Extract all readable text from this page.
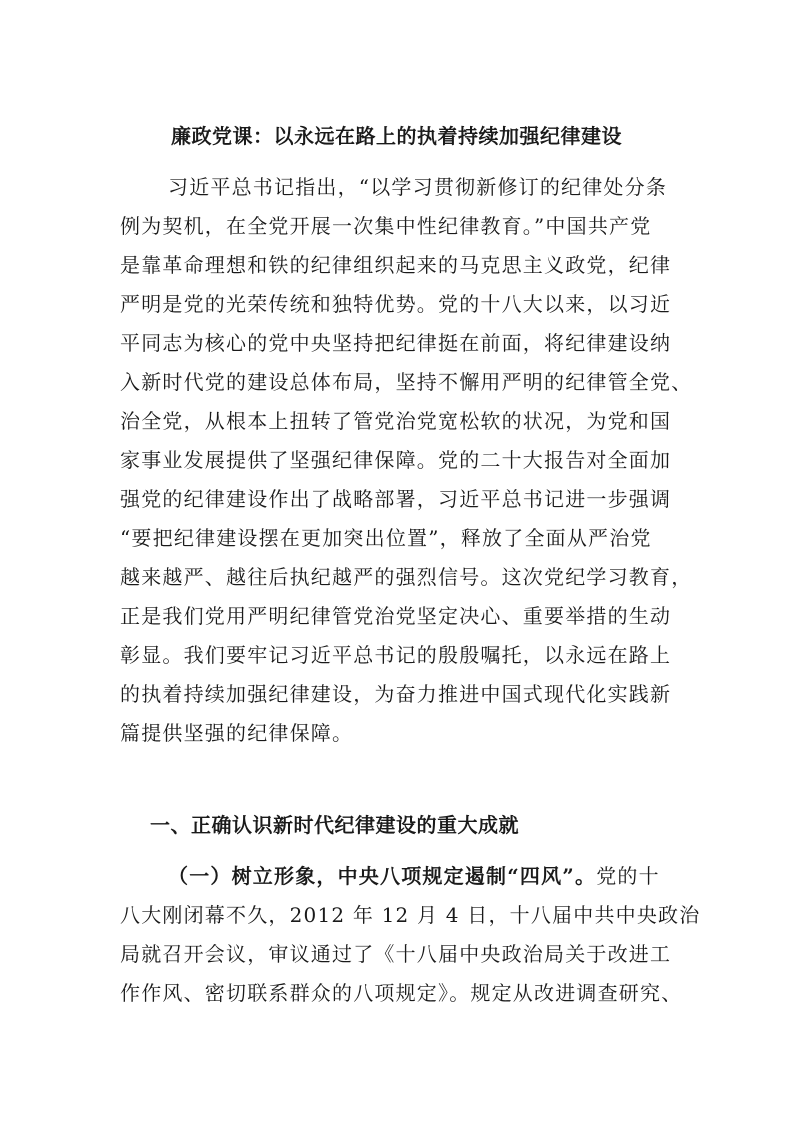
廉政党课：以永远在路上的执着持续加强纪律建设
习近平总书记指出，“以学习贯彻新修订的纪律处分条
例为契机，在全党开展一次集中性纪律教育。”中国共产党
是靠革命理想和铁的纪律组织起来的马克思主义政党，纪律
严明是党的光荣传统和独特优势。党的十八大以来，以习近
平同志为核心的党中央坚持把纪律挺在前面，将纪律建设纳
入新时代党的建设总体布局，坚持不懈用严明的纪律管全党、
治全党，从根本上扭转了管党治党宽松软的状况，为党和国
家事业发展提供了坚强纪律保障。党的二十大报告对全面加
强党的纪律建设作出了战略部署，习近平总书记进一步强调
“要把纪律建设摆在更加突出位置”，释放了全面从严治党
越来越严、越往后执纪越严的强烈信号。这次党纪学习教育，
正是我们党用严明纪律管党治党坚定决心、重要举措的生动
彰显。我们要牢记习近平总书记的殷殷嘱托，以永远在路上
的执着持续加强纪律建设，为奋力推进中国式现代化实践新
篇提供坚强的纪律保障。
一、正确认识新时代纪律建设的重大成就
（一）树立形象，中央八项规定遏制“四风”。党的十
八大刚闭幕不久，2012 年 12 月 4 日，十八届中共中央政治
局就召开会议，审议通过了《十八届中央政治局关于改进工
作作风、密切联系群众的八项规定》。规定从改进调查研究、
